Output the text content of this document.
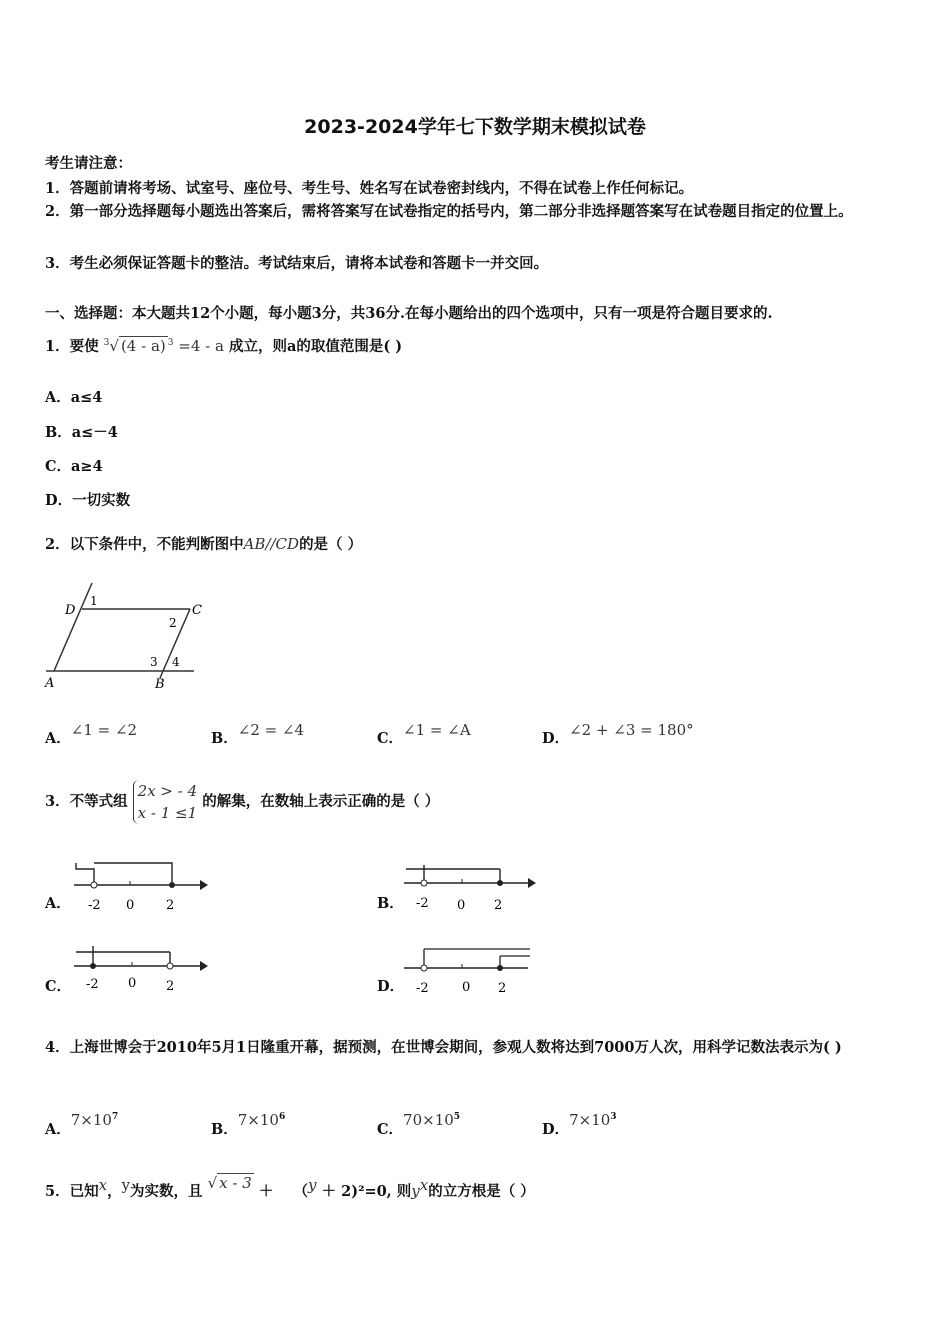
2023-2024学年七下数学期末模拟试卷
考生请注意：
1．答题前请将考场、试室号、座位号、考生号、姓名写在试卷密封线内，不得在试卷上作任何标记。
2．第一部分选择题每小题选出答案后，需将答案写在试卷指定的括号内，第二部分非选择题答案写在试卷题目指定的位置上。
3．考生必须保证答题卡的整洁。考试结束后，请将本试卷和答题卡一并交回。
一、选择题：本大题共12个小题，每小题3分，共36分.在每小题给出的四个选项中，只有一项是符合题目要求的.
1．要使 $^3$√ (4 - a) $^3$ =4 - a 成立，则a的取值范围是( )
A．a≤4
B．a≤－4
C．a≥4
D．一切实数
2．以下条件中，不能判断图中AB//CD的是（ ）
D	C
A	B
1
2
3 4
A．∠1 = ∠2	B．∠2 = ∠4	C．∠1 = ∠A	D．∠2 + ∠3 = 180°
3．不等式组 2x > - 4
x - 1 ≤1 的解集，在数轴上表示正确的是（ ）
A． -2 0 2	B． -2 0 2
C． -2 0 2	D． -2	0 2
4．上海世博会于2010年5月1日隆重开幕，据预测，在世博会期间，参观人数将达到7000万人次，用科学记数法表示为( )
A．$7\times 10^7$
B．$7\times 10^6$
C．$70\times 10^5$
D．$7\times 10^3$
5．已知$^x$，$^y$为实数，且 √ x - 3 ＋ （$^y$ ＋ 2)²=0, 则$y^x$的立方根是（ ）
